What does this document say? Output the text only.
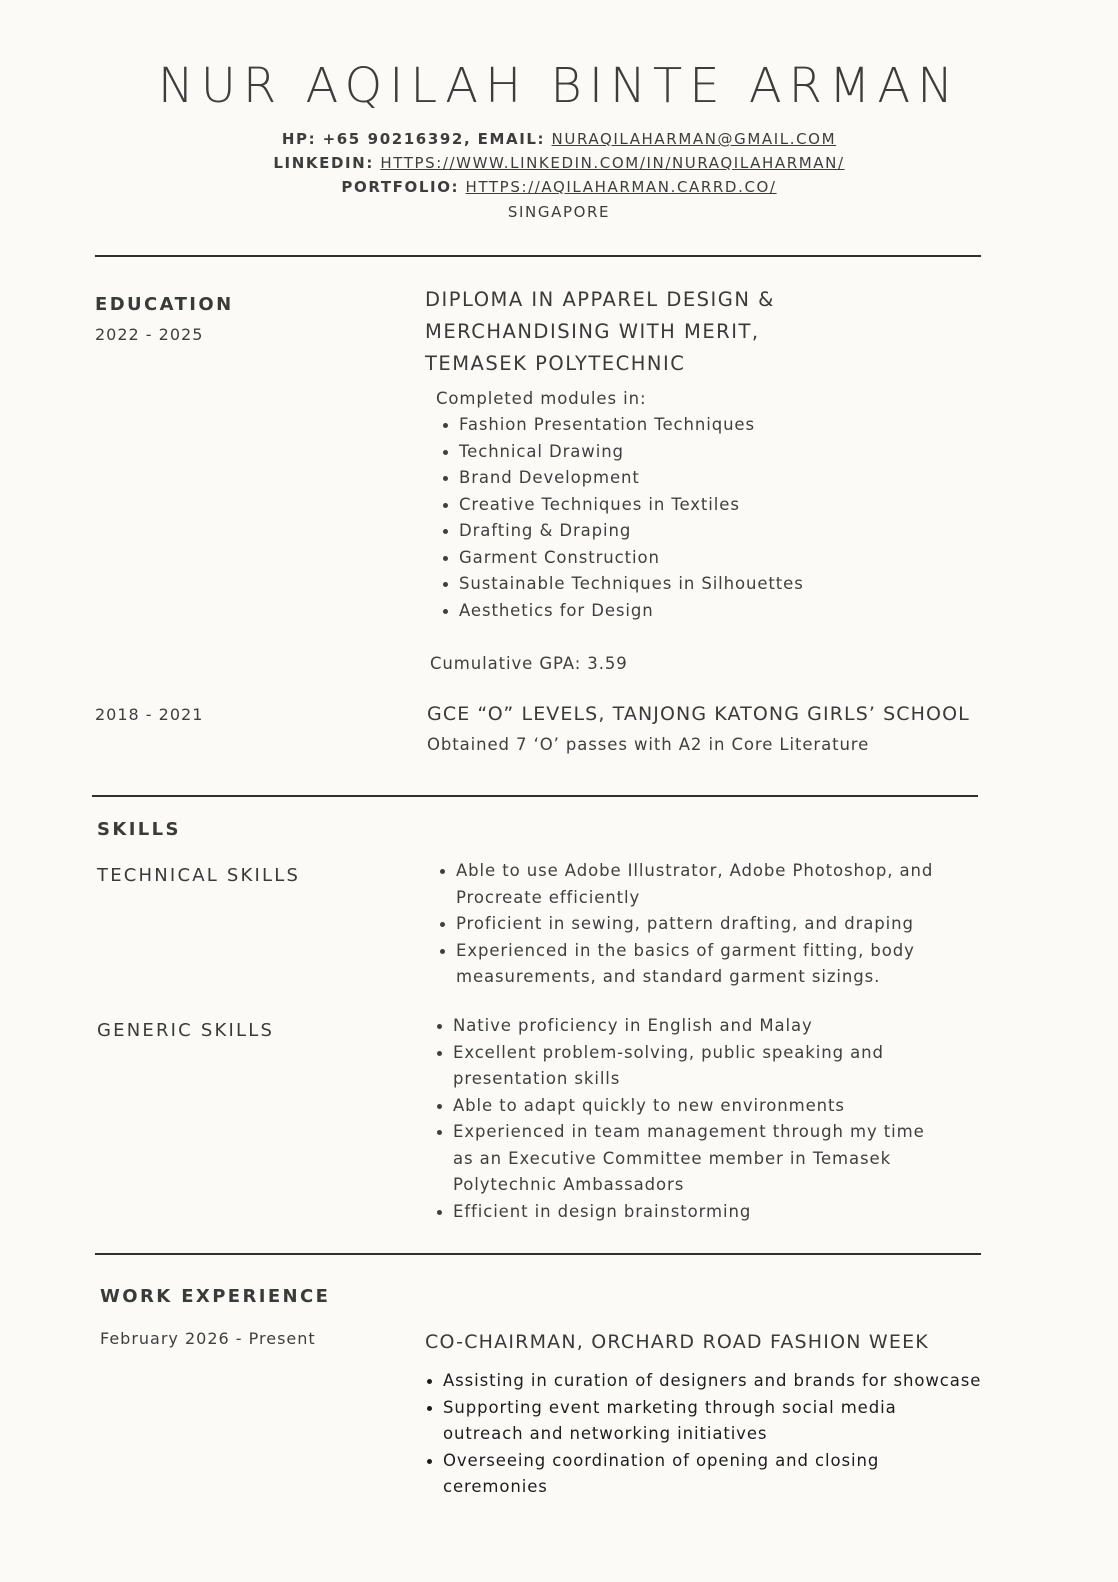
NUR AQILAH BINTE ARMAN
HP: +65 90216392, EMAIL: NURAQILAHARMAN@GMAIL.COM
LINKEDIN: HTTPS://WWW.LINKEDIN.COM/IN/NURAQILAHARMAN/
PORTFOLIO: HTTPS://AQILAHARMAN.CARRD.CO/
SINGAPORE
EDUCATION
2022 - 2025
DIPLOMA IN APPAREL DESIGN &
MERCHANDISING WITH MERIT,
TEMASEK POLYTECHNIC
Completed modules in:
Fashion Presentation Techniques
Technical Drawing
Brand Development
Creative Techniques in Textiles
Drafting & Draping
Garment Construction
Sustainable Techniques in Silhouettes
Aesthetics for Design
Cumulative GPA: 3.59
2018 - 2021	GCE “O” LEVELS, TANJONG KATONG GIRLS’ SCHOOL
Obtained 7 ‘O’ passes with A2 in Core Literature
SKILLS
TECHNICAL SKILLS	Able to use Adobe Illustrator, Adobe Photoshop, and
Procreate efficiently
Proficient in sewing, pattern drafting, and draping
Experienced in the basics of garment fitting, body
measurements, and standard garment sizings.
GENERIC SKILLS	Native proficiency in English and Malay
Excellent problem-solving, public speaking and
presentation skills
Able to adapt quickly to new environments
Experienced in team management through my time
as an Executive Committee member in Temasek
Polytechnic Ambassadors
Efficient in design brainstorming
WORK EXPERIENCE
February 2026 - Present	CO-CHAIRMAN, ORCHARD ROAD FASHION WEEK
Assisting in curation of designers and brands for showcase
Supporting event marketing through social media
outreach and networking initiatives
Overseeing coordination of opening and closing
ceremonies
